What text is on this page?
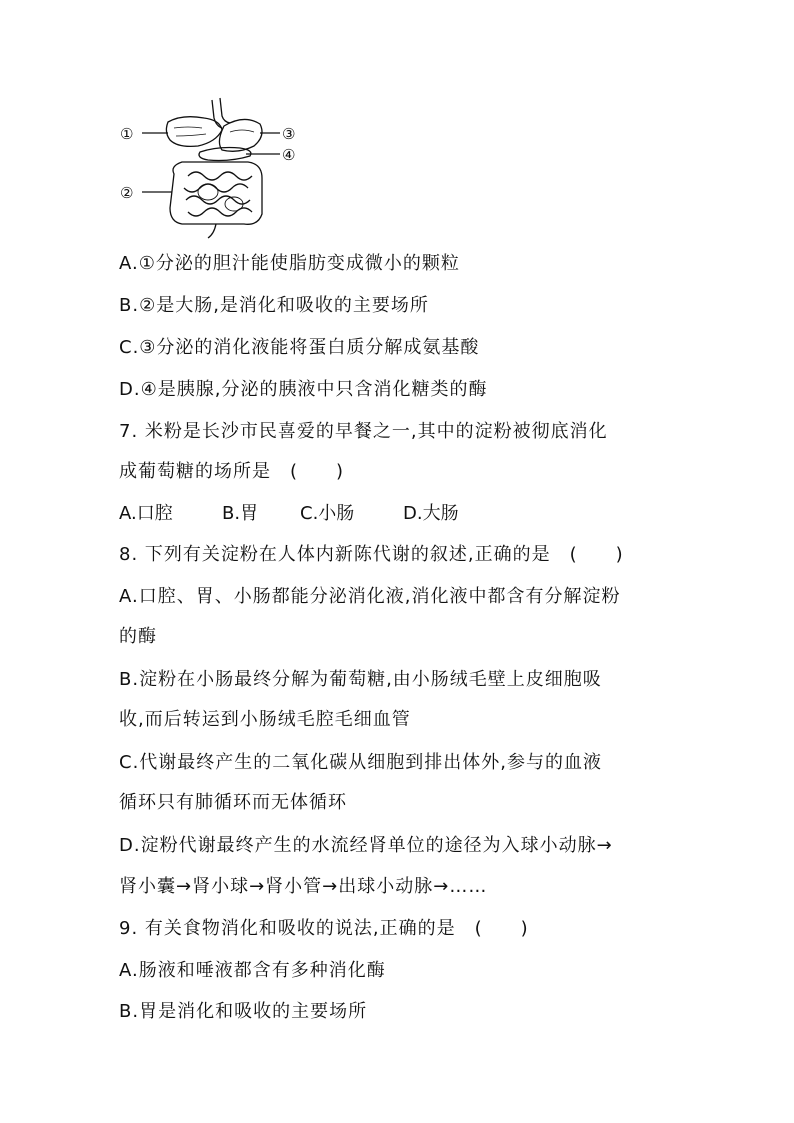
①
②
③
④
A.①分泌的胆汁能使脂肪变成微小的颗粒
B.②是大肠,是消化和吸收的主要场所
C.③分泌的消化液能将蛋白质分解成氨基酸
D.④是胰腺,分泌的胰液中只含消化糖类的酶
7. 米粉是长沙市民喜爱的早餐之一,其中的淀粉被彻底消化
成葡萄糖的场所是　(　　)
A.口腔	B.胃 C.小肠	D.大肠
8. 下列有关淀粉在人体内新陈代谢的叙述,正确的是　(　　)
A.口腔、胃、小肠都能分泌消化液,消化液中都含有分解淀粉
的酶
B.淀粉在小肠最终分解为葡萄糖,由小肠绒毛壁上皮细胞吸
收,而后转运到小肠绒毛腔毛细血管
C.代谢最终产生的二氧化碳从细胞到排出体外,参与的血液
循环只有肺循环而无体循环
D.淀粉代谢最终产生的水流经肾单位的途径为入球小动脉→
肾小囊→肾小球→肾小管→出球小动脉→……
9. 有关食物消化和吸收的说法,正确的是　(　　)
A.肠液和唾液都含有多种消化酶
B.胃是消化和吸收的主要场所
